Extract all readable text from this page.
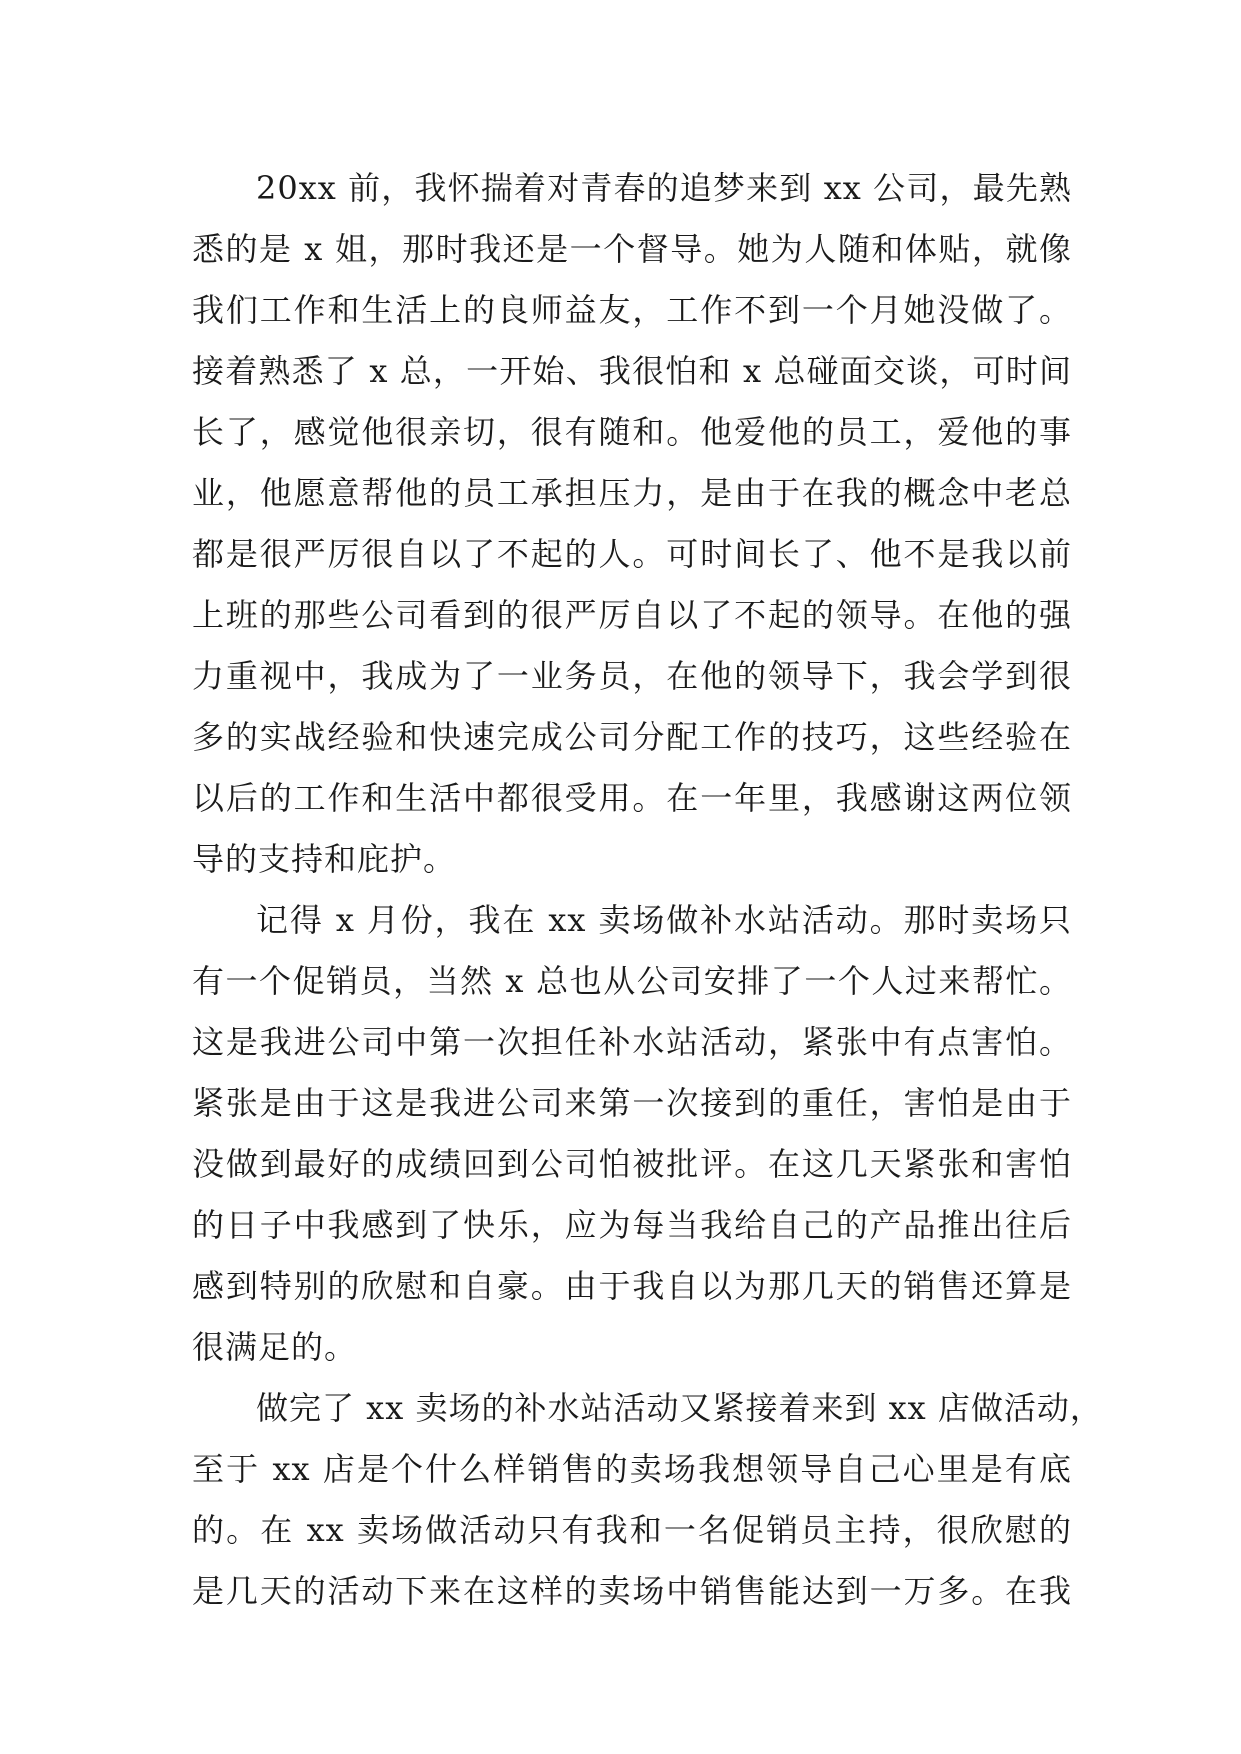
20xx 前，我怀揣着对青春的追梦来到 xx 公司，最先熟
悉的是 x 姐，那时我还是一个督导。她为人随和体贴，就像
我们工作和生活上的良师益友，工作不到一个月她没做了。
接着熟悉了 x 总，一开始、我很怕和 x 总碰面交谈，可时间
长了，感觉他很亲切，很有随和。他爱他的员工，爱他的事
业，他愿意帮他的员工承担压力，是由于在我的概念中老总
都是很严厉很自以了不起的人。可时间长了、他不是我以前
上班的那些公司看到的很严厉自以了不起的领导。在他的强
力重视中，我成为了一业务员，在他的领导下，我会学到很
多的实战经验和快速完成公司分配工作的技巧，这些经验在
以后的工作和生活中都很受用。在一年里，我感谢这两位领
导的支持和庇护。
记得 x 月份，我在 xx 卖场做补水站活动。那时卖场只
有一个促销员，当然 x 总也从公司安排了一个人过来帮忙。
这是我进公司中第一次担任补水站活动，紧张中有点害怕。
紧张是由于这是我进公司来第一次接到的重任，害怕是由于
没做到最好的成绩回到公司怕被批评。在这几天紧张和害怕
的日子中我感到了快乐，应为每当我给自己的产品推出往后
感到特别的欣慰和自豪。由于我自以为那几天的销售还算是
很满足的。
做完了 xx 卖场的补水站活动又紧接着来到 xx 店做活动，
至于 xx 店是个什么样销售的卖场我想领导自己心里是有底
的。在 xx 卖场做活动只有我和一名促销员主持，很欣慰的
是几天的活动下来在这样的卖场中销售能达到一万多。在我
